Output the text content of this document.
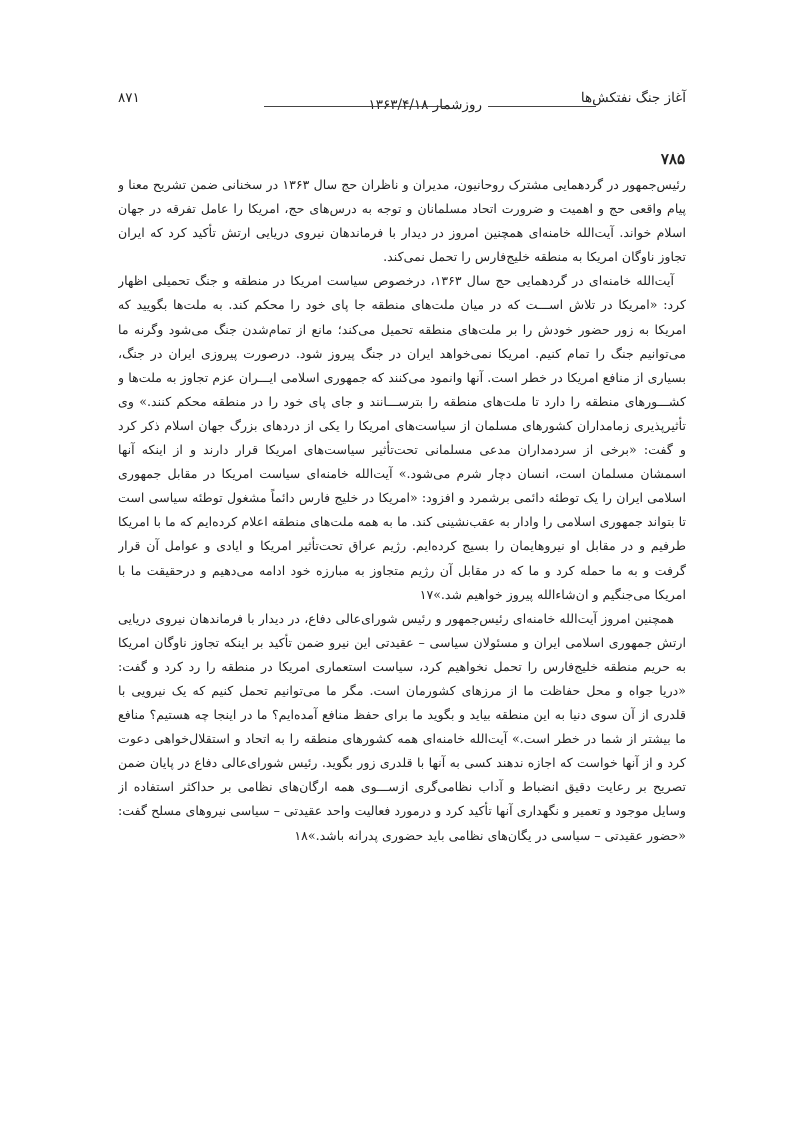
آغاز جنگ نفتکش‌ها
روزشمار ۱۳۶۳/۴/۱۸
۸۷۱
۷۸۵

رئیس‌جمهور در گردهمایی مشترک روحانیون، مدیران و ناظران حج سال ۱۳۶۳ در سخنانی ضمن تشریح معنا و پیام واقعی حج و اهمیت و ضرورت اتحاد مسلمانان و توجه به درس‌های حج، امریکا را عامل تفرقه در جهان اسلام خواند. آیت‌الله خامنه‌ای همچنین امروز در دیدار با فرماندهان نیروی دریایی ارتش تأکید کرد که ایران تجاوز ناوگان امریکا به منطقه خلیج‌فارس را تحمل نمی‌کند.

آیت‌الله خامنه‌ای در گردهمایی حج سال ۱۳۶۳، درخصوص سیاست امریکا در منطقه و جنگ تحمیلی اظهار کرد: «امریکا در تلاش اســـت که در میان ملت‌های منطقه جا پای خود را محکم کند. به ملت‌ها بگویید که امریکا به زور حضور خودش را بر ملت‌های منطقه تحمیل می‌کند؛ مانع از تمام‌شدن جنگ می‌شود وگرنه ما می‌توانیم جنگ را تمام کنیم. امریکا نمی‌خواهد ایران در جنگ پیروز شود. درصورت پیروزی ایران در جنگ، بسیاری از منافع امریکا در خطر است. آنها وانمود می‌کنند که جمهوری اسلامی ایـــران عزم تجاوز به ملت‌ها و کشـــورهای منطقه را دارد تا ملت‌های منطقه را بترســـانند و جای پای خود را در منطقه محکم کنند.» وی تأثیرپذیری زمامداران کشورهای مسلمان از سیاست‌های امریکا را یکی از دردهای بزرگ جهان اسلام ذکر کرد و گفت: «برخی از سردمداران مدعی مسلمانی تحت‌تأثیر سیاست‌های امریکا قرار دارند و از اینکه آنها اسمشان مسلمان است، انسان دچار شرم می‌شود.» آیت‌الله خامنه‌ای سیاست امریکا در مقابل جمهوری اسلامی ایران را یک توطئه دائمی برشمرد و افزود: «امریکا در خلیج فارس دائماً مشغول توطئه سیاسی است تا بتواند جمهوری اسلامی را وادار به عقب‌نشینی کند. ما به همه ملت‌های منطقه اعلام کرده‌ایم که ما با امریکا طرفیم و در مقابل او نیروهایمان را بسیج کرده‌ایم. رژیم عراق تحت‌تأثیر امریکا و ایادی و عوامل آن قرار گرفت و به ما حمله کرد و ما که در مقابل آن رژیم متجاوز به مبارزه خود ادامه می‌دهیم و درحقیقت ما با امریکا می‌جنگیم و ان‌شاءالله پیروز خواهیم شد.»۱۷

همچنین امروز آیت‌الله خامنه‌ای رئیس‌جمهور و رئیس شورای‌عالی دفاع، در دیدار با فرماندهان نیروی دریایی ارتش جمهوری اسلامی ایران و مسئولان سیاسی – عقیدتی این نیرو ضمن تأکید بر اینکه تجاوز ناوگان امریکا به حریم منطقه خلیج‌فارس را تحمل نخواهیم کرد، سیاست استعماری امریکا در منطقه را رد کرد و گفت: «دریا جواه و محل حفاظت ما از مرزهای کشورمان است. مگر ما می‌توانیم تحمل کنیم که یک نیرویی با قلدری از آن سوی دنیا به این منطقه بیاید و بگوید ما برای حفظ منافع آمده‌ایم؟ ما در اینجا چه هستیم؟ منافع ما بیشتر از شما در خطر است.» آیت‌الله خامنه‌ای همه کشورهای منطقه را به اتحاد و استقلال‌خواهی دعوت کرد و از آنها خواست که اجازه ندهند کسی به آنها با قلدری زور بگوید. رئیس شورای‌عالی دفاع در پایان ضمن تصریح بر رعایت دقیق انضباط و آداب نظامی‌گری ازســـوی همه ارگان‌های نظامی بر حداکثر استفاده از وسایل موجود و تعمیر و نگهداری آنها تأکید کرد و درمورد فعالیت واحد عقیدتی – سیاسی نیروهای مسلح گفت: «حضور عقیدتی – سیاسی در یگان‌های نظامی باید حضوری پدرانه باشد.»۱۸
